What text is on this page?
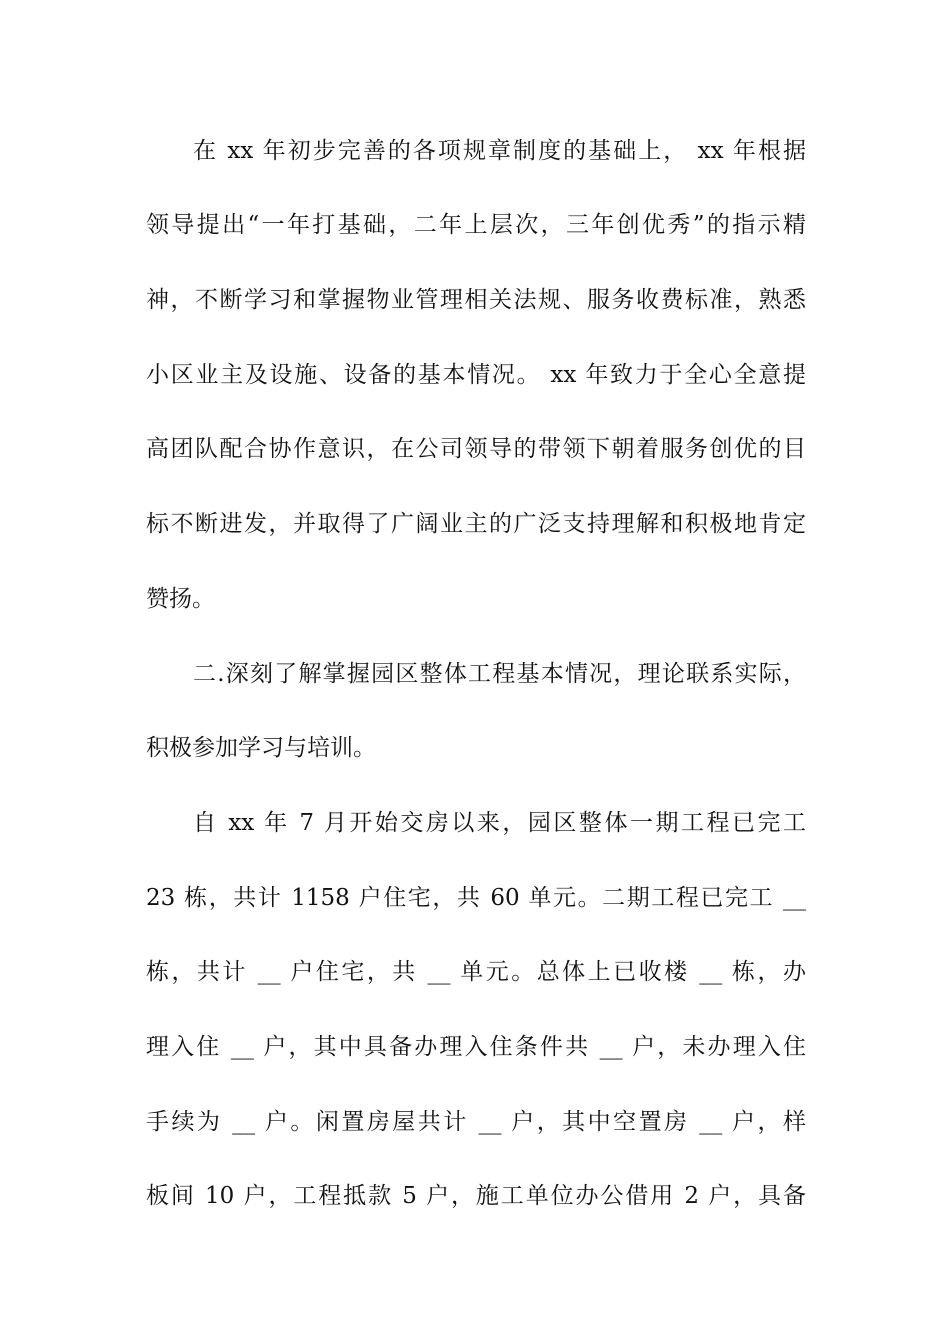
在 xx 年初步完善的各项规章制度的基础上， xx 年根据
领导提出“一年打基础，二年上层次，三年创优秀”的指示精
神，不断学习和掌握物业管理相关法规、服务收费标准，熟悉
小区业主及设施、设备的基本情况。 xx 年致力于全心全意提
高团队配合协作意识，在公司领导的带领下朝着服务创优的目
标不断进发，并取得了广阔业主的广泛支持理解和积极地肯定
赞扬。
二.深刻了解掌握园区整体工程基本情况，理论联系实际，
积极参加学习与培训。
自 xx 年 7 月开始交房以来，园区整体一期工程已完工
23 栋，共计 1158 户住宅，共 60 单元。二期工程已完工 __
栋，共计 __ 户住宅，共 __ 单元。总体上已收楼 __ 栋，办
理入住 __ 户，其中具备办理入住条件共 __ 户，未办理入住
手续为 __ 户。闲置房屋共计 __ 户，其中空置房 __ 户，样
板间 10 户，工程抵款 5 户，施工单位办公借用 2 户，具备
